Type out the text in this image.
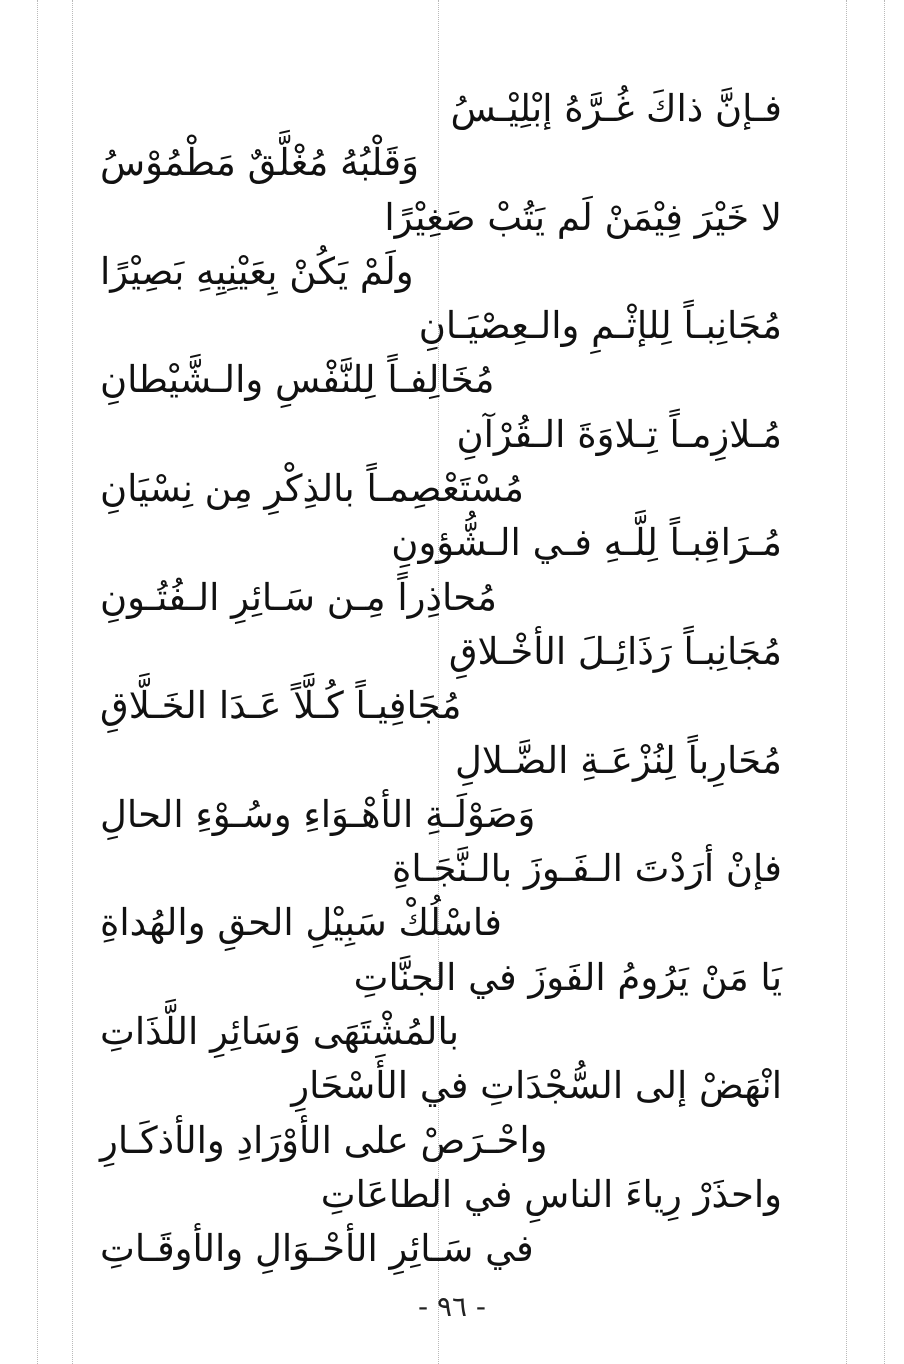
فـإنَّ ذاكَ غُـرَّهُ إبْلِيْـسُ
وَقَلْبُهُ مُغْلَّقٌ مَطْمُوْسُ
لا خَيْرَ فِيْمَنْ لَم يَتُبْ صَغِيْرًا
ولَمْ يَكُنْ بِعَيْنِيِهِ بَصِيْرًا
مُجَانِبـاً لِلإثْـمِ والـعِصْيَـانِ
مُخَالِفـاً لِلنَّفْسِ والـشَّيْطانِ
مُـلازِمـاً تِـلاوَةَ الـقُرْآنِ
مُسْتَعْصِمـاً بالذِكْرِ مِن نِسْيَانِ
مُـرَاقِبـاً لِلَّـهِ فـي الـشُّؤونِ
مُحاذِراً مِـن سَـائِرِ الـفُتُـونِ
مُجَانِبـاً رَذَائِـلَ الأخْـلاقِ
مُجَافِيـاً كُـلَّاً عَـدَا الخَـلَّاقِ
مُحَارِباً لِنُزْعَـةِ الضَّـلالِ
وَصَوْلَـةِ الأهْـوَاءِ وسُـوْءِ الحالِ
فإنْ أرَدْتَ الـفَـوزَ بالـنَّجَـاةِ
فاسْلُكْ سَبِيْلِ الحقِ والهُداةِ
يَا مَنْ يَرُومُ الفَوزَ في الجنَّاتِ
بالمُشْتَهَى وَسَائِرِ اللَّذَاتِ
انْهَضْ إلى السُّجْدَاتِ في الأَسْحَارِ
واحْـرَصْ على الأوْرَادِ والأذكَـارِ
واحذَرْ رِياءَ الناسِ في الطاعَاتِ
في سَـائِرِ الأحْـوَالِ والأوقَـاتِ
- ٩٦ -
